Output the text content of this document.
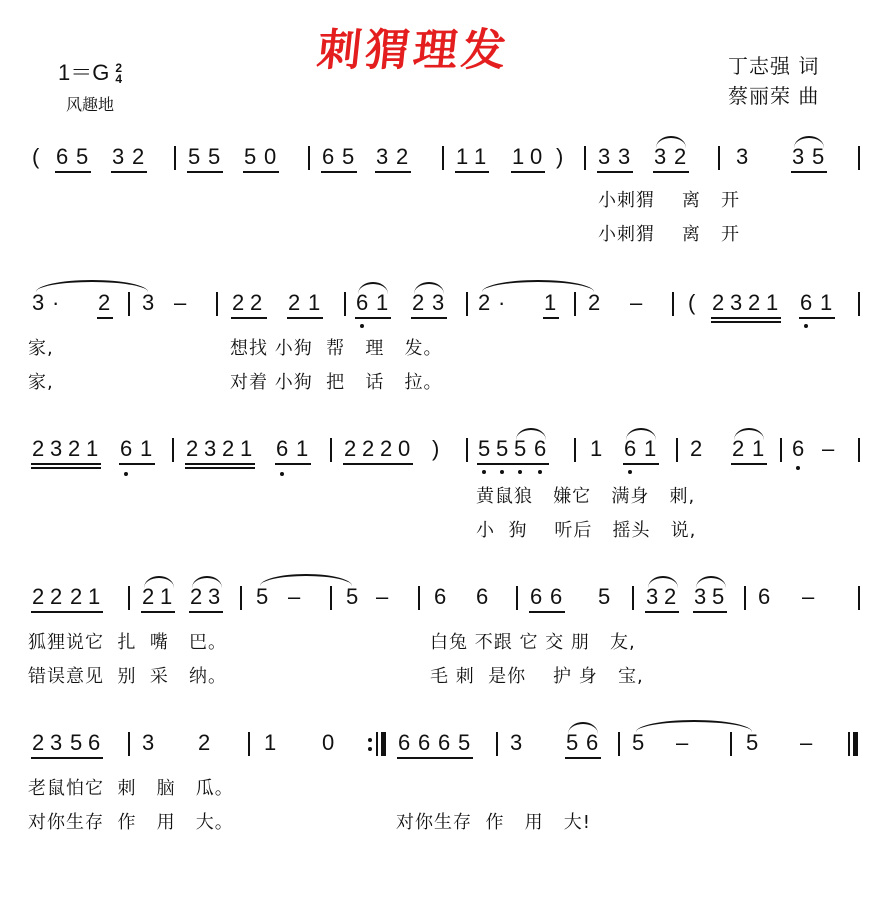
刺猬理发
1＝G 2
4
风趣地
丁志强 词
蔡丽荣 曲
( 6 5 3 2 5 5 5 0 6 5 3 2 1 1 1 0 ) 3 3 3 2 3 3 5
小刺猬    离   开
小刺猬    离   开
3 · 2 3 – 2 2 2 1 6 1 2 3 2 · 1 2 – ( 2 3 2 1 6 1
家,	想找 小狗  帮   理   发。
家,	对着 小狗  把   话   拉。
2 3 2 1 6 1 2 3 2 1 6 1 2 2 2 0 ) 5 5 5 6 1 6 1 2 2 1 6 –
黄鼠狼   嫌它   满身   刺,
小  狗    听后   摇头   说,
2 2 2 1 2 1 2 3 5 – 5 – 6 6 6 6 5 3 2 3 5 6 –
狐狸说它  扎  嘴   巴。	白兔 不跟 它 交 朋   友,
错误意见  别  采   纳。	毛 刺  是你    护 身   宝,
2 3 5 6 3 2 1 0	6 6 6 5 3 5 6 5 –	5 –
老鼠怕它  刺   脑   瓜。
对你生存  作   用   大。	对你生存  作   用   大!
